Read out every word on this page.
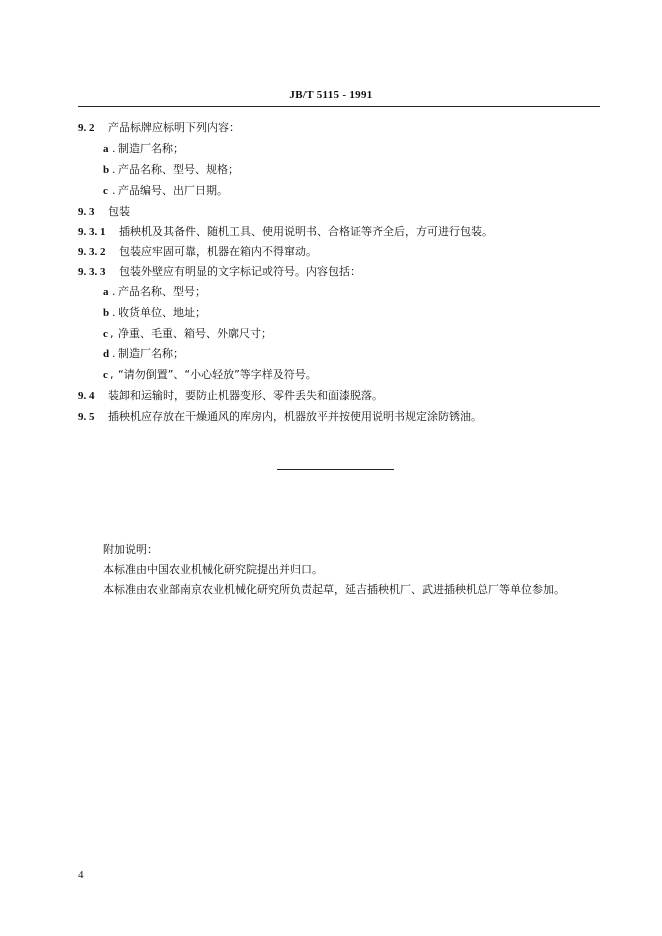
JB/T 5115 - 1991
9. 2 产品标牌应标明下列内容：
a . 制造厂名称；
b . 产品名称、型号、规格；
c . 产品编号、出厂日期。
9. 3 包装
9. 3. 1 插秧机及其备件、随机工具、使用说明书、合格证等齐全后，方可进行包装。
9. 3. 2 包装应牢固可靠，机器在箱内不得窜动。
9. 3. 3 包装外壁应有明显的文字标记或符号。内容包括：
a . 产品名称、型号；
b . 收货单位、地址；
c , 净重、毛重、箱号、外廓尺寸；
d . 制造厂名称；
c , “请勿倒置”、“小心轻放”等字样及符号。
9. 4 装卸和运输时，要防止机器变形、零件丢失和面漆脱落。
9. 5 插秧机应存放在干燥通风的库房内，机器放平并按使用说明书规定涂防锈油。
附加说明：
本标准由中国农业机械化研究院提出并归口。
本标准由农业部南京农业机械化研究所负责起草，延吉插秧机厂、武进插秧机总厂等单位参加。
4
